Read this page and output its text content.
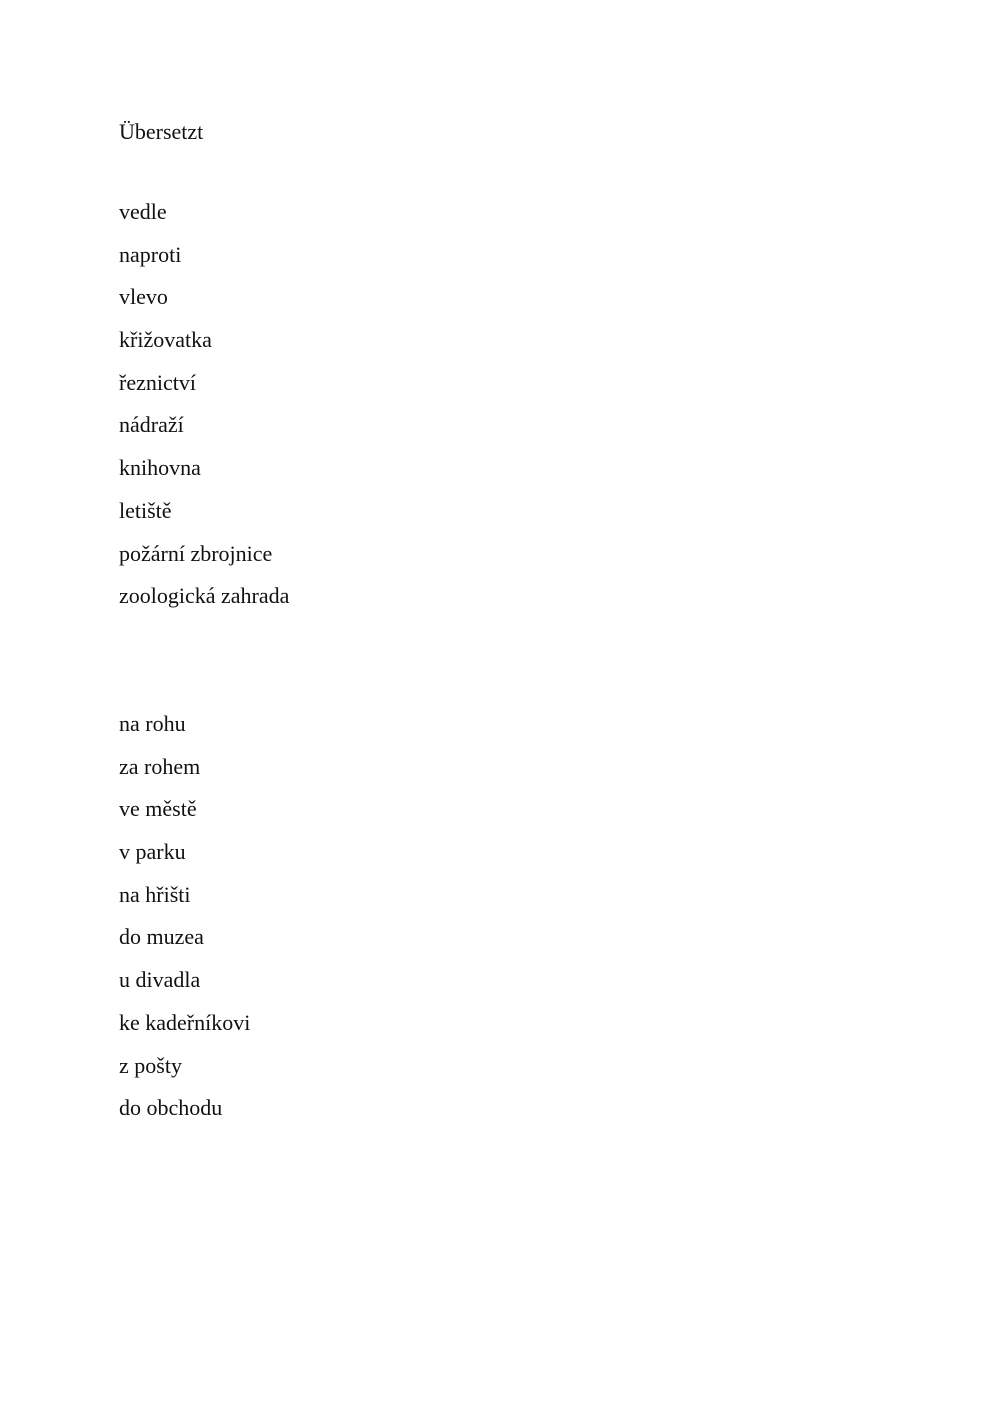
Übersetzt
vedle
naproti
vlevo
křižovatka
řeznictví
nádraží
knihovna
letiště
požární zbrojnice
zoologická zahrada
na rohu
za rohem
ve městě
v parku
na hřišti
do muzea
u divadla
ke kadeřníkovi
z pošty
do obchodu
